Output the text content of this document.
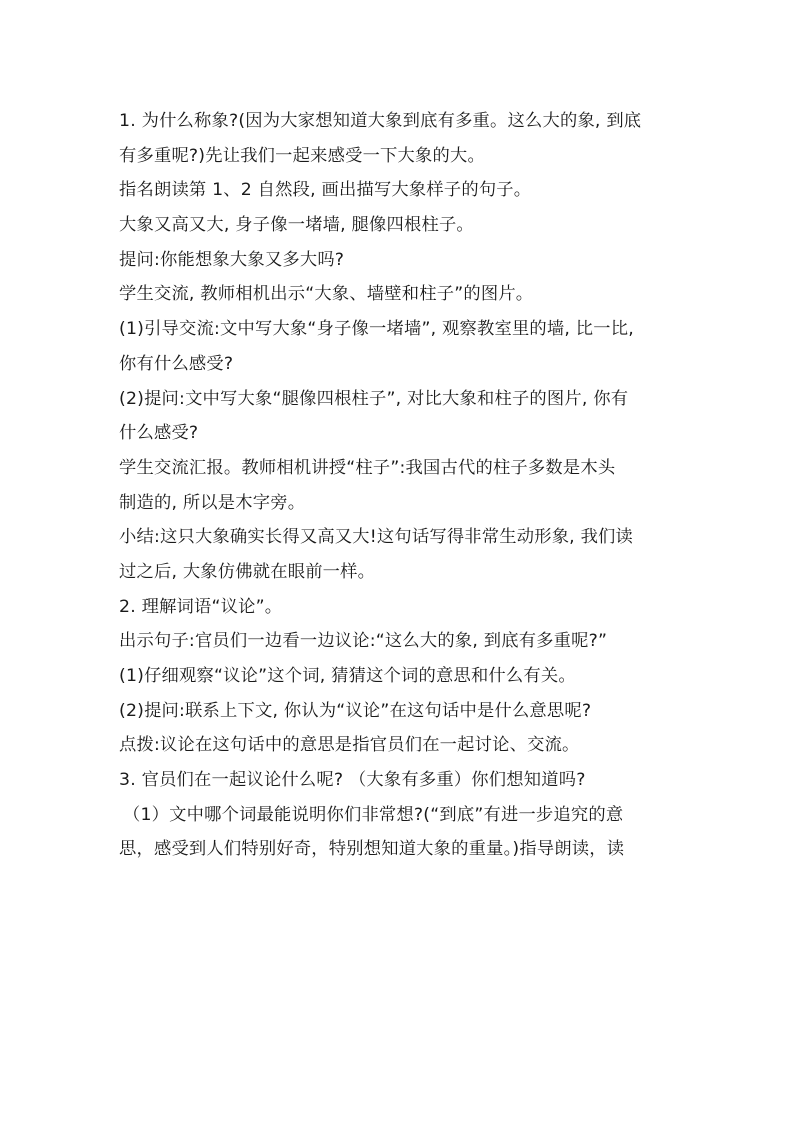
1. 为什么称象?(因为大家想知道大象到底有多重。这么大的象, 到底
有多重呢?)先让我们一起来感受一下大象的大。
指名朗读第 1、2 自然段, 画出描写大象样子的句子。
大象又高又大, 身子像一堵墙, 腿像四根柱子。
提问:你能想象大象又多大吗?
学生交流, 教师相机出示“大象、墙壁和柱子”的图片。
(1)引导交流:文中写大象“身子像一堵墙”, 观察教室里的墙, 比一比,
你有什么感受?
(2)提问:文中写大象“腿像四根柱子”, 对比大象和柱子的图片, 你有
什么感受?
学生交流汇报。教师相机讲授“柱子”:我国古代的柱子多数是木头
制造的, 所以是木字旁。
小结:这只大象确实长得又高又大!这句话写得非常生动形象, 我们读
过之后, 大象仿佛就在眼前一样。
2. 理解词语“议论”。
出示句子:官员们一边看一边议论:“这么大的象, 到底有多重呢?”
(1)仔细观察“议论”这个词, 猜猜这个词的意思和什么有关。
(2)提问:联系上下文, 你认为“议论”在这句话中是什么意思呢?
点拨:议论在这句话中的意思是指官员们在一起讨论、交流。
3. 官员们在一起议论什么呢? （大象有多重）你们想知道吗?
（1）文中哪个词最能说明你们非常想?(“到底”有进一步追究的意
思，感受到人们特别好奇，特别想知道大象的重量。)指导朗读，读
